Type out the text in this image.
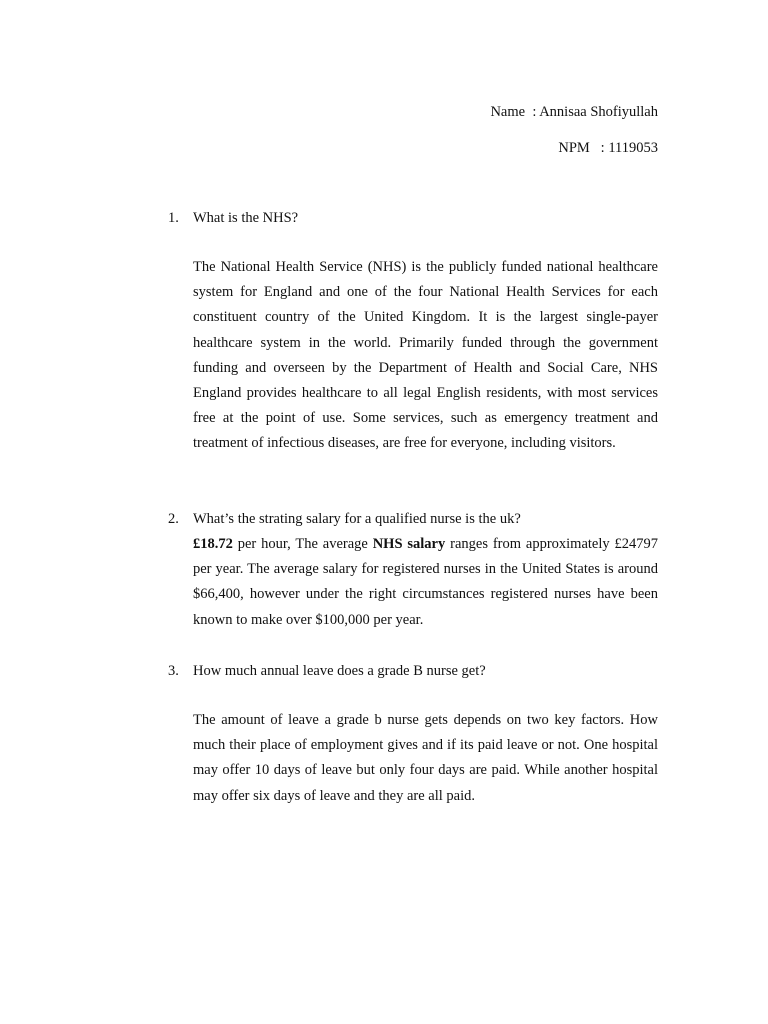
Name : Annisaa Shofiyullah
NPM : 1119053
1. What is the NHS?

The National Health Service (NHS) is the publicly funded national healthcare system for England and one of the four National Health Services for each constituent country of the United Kingdom. It is the largest single-payer healthcare system in the world. Primarily funded through the government funding and overseen by the Department of Health and Social Care, NHS England provides healthcare to all legal English residents, with most services free at the point of use. Some services, such as emergency treatment and treatment of infectious diseases, are free for everyone, including visitors.

2. What’s the strating salary for a qualified nurse is the uk?

£18.72 per hour, The average NHS salary ranges from approximately £24797 per year. The average salary for registered nurses in the United States is around $66,400, however under the right circumstances registered nurses have been known to make over $100,000 per year.

3. How much annual leave does a grade B nurse get?

The amount of leave a grade b nurse gets depends on two key factors. How much their place of employment gives and if its paid leave or not. One hospital may offer 10 days of leave but only four days are paid. While another hospital may offer six days of leave and they are all paid.
